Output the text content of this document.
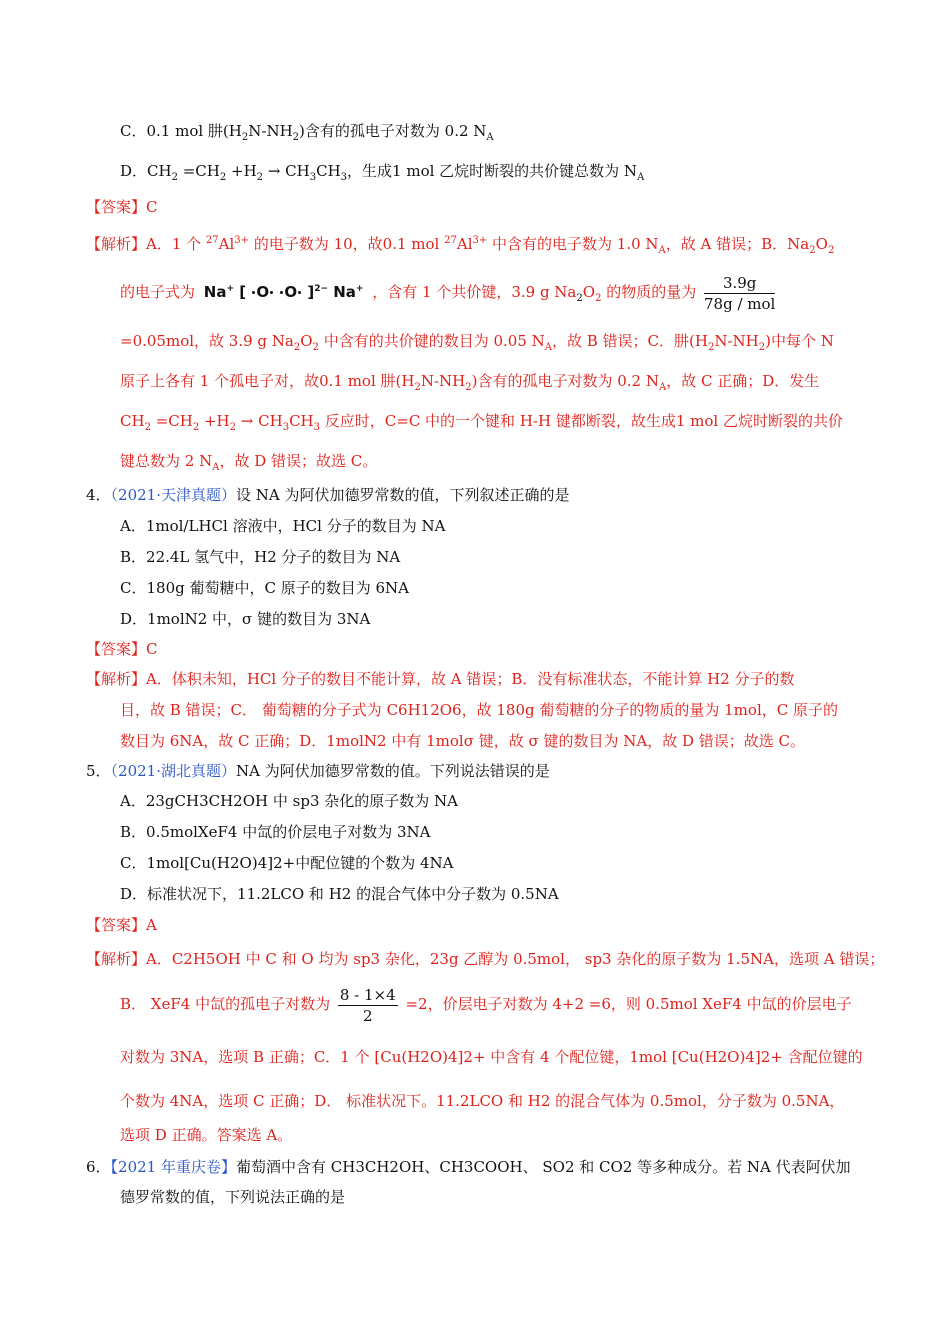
C．0.1 mol 肼$(H_2N-NH_2)$含有的孤电子对数为 0.2 $N_A$
D．$CH_2 =CH_2 +H_2 \to CH_3CH_3$，生成1 mol 乙烷时断裂的共价键总数为 $N_A$
【答案】C
【解析】A．1 个 $^{27}Al^{3+}$ 的电子数为 10，故0.1 mol $^{27}Al^{3+}$ 中含有的电子数为 1.0 $N_A$，故 A 错误；B．$Na_2O_2$
的电子式为 Na+ [ O O ]$^{2-}$ Na+ ，含有 1 个共价键，3.9 g $Na_2O_2$ 的物质的量为 $\frac{3.9g}{\text{78g / mol}}$
=0.05mol，故 3.9 g $Na_2O_2$ 中含有的共价键的数目为 0.05 $N_A$，故 B 错误；C．肼$(H_2N-NH_2)$中每个 N
原子上各有 1 个孤电子对，故0.1 mol 肼$(H_2N-NH_2)$含有的孤电子对数为 0.2 $N_A$，故 C 正确；D．发生
$CH_2 =CH_2 +H_2 \to CH_3CH_3$ 反应时，C=C 中的一个键和 H-H 键都断裂，故生成1 mol 乙烷时断裂的共价
键总数为 2 $N_A$，故 D 错误；故选 C。
4．（2021·天津真题）设 NA 为阿伏加德罗常数的值，下列叙述正确的是
A．1mol/LHCl 溶液中，HCl 分子的数目为 NA
B．22.4L 氢气中，H2 分子的数目为 NA
C．180g 葡萄糖中，C 原子的数目为 6NA
D．1molN2 中，σ 键的数目为 3NA
【答案】C
【解析】A．体积未知，HCl 分子的数目不能计算，故 A 错误；B．没有标准状态，不能计算 H2 分子的数
目，故 B 错误；C． 葡萄糖的分子式为 C6H12O6，故 180g 葡萄糖的分子的物质的量为 1mol，C 原子的
数目为 6NA，故 C 正确；D．1molN2 中有 1molσ 键，故 σ 键的数目为 NA，故 D 错误；故选 C。
5．（2021·湖北真题）NA 为阿伏加德罗常数的值。下列说法错误的是
A．23gCH3CH2OH 中 sp3 杂化的原子数为 NA
B．0.5molXeF4 中氙的价层电子对数为 3NA
C．1mol[Cu(H2O)4]2+中配位键的个数为 4NA
D．标准状况下，11.2LCO 和 H2 的混合气体中分子数为 0.5NA
【答案】A
【解析】A．C2H5OH 中 C 和 O 均为 sp3 杂化，23g 乙醇为 0.5mol， sp3 杂化的原子数为 1.5NA，选项 A 错误；
B． XeF4 中氙的孤电子对数为 $\frac{8 - 1\times 4}{2} =2$，价层电子对数为 4+2 =6，则 0.5mol XeF4 中氙的价层电子
对数为 3NA，选项 B 正确；C．1 个 [Cu(H2O)4]2+ 中含有 4 个配位键，1mol [Cu(H2O)4]2+ 含配位键的
个数为 4NA，选项 C 正确；D． 标准状况下。11.2LCO 和 H2 的混合气体为 0.5mol，分子数为 0.5NA，
选项 D 正确。答案选 A。
6．【2021 年重庆卷】葡萄酒中含有 CH3CH2OH、CH3COOH、 SO2 和 CO2 等多种成分。若 NA 代表阿伏加
德罗常数的值，下列说法正确的是
